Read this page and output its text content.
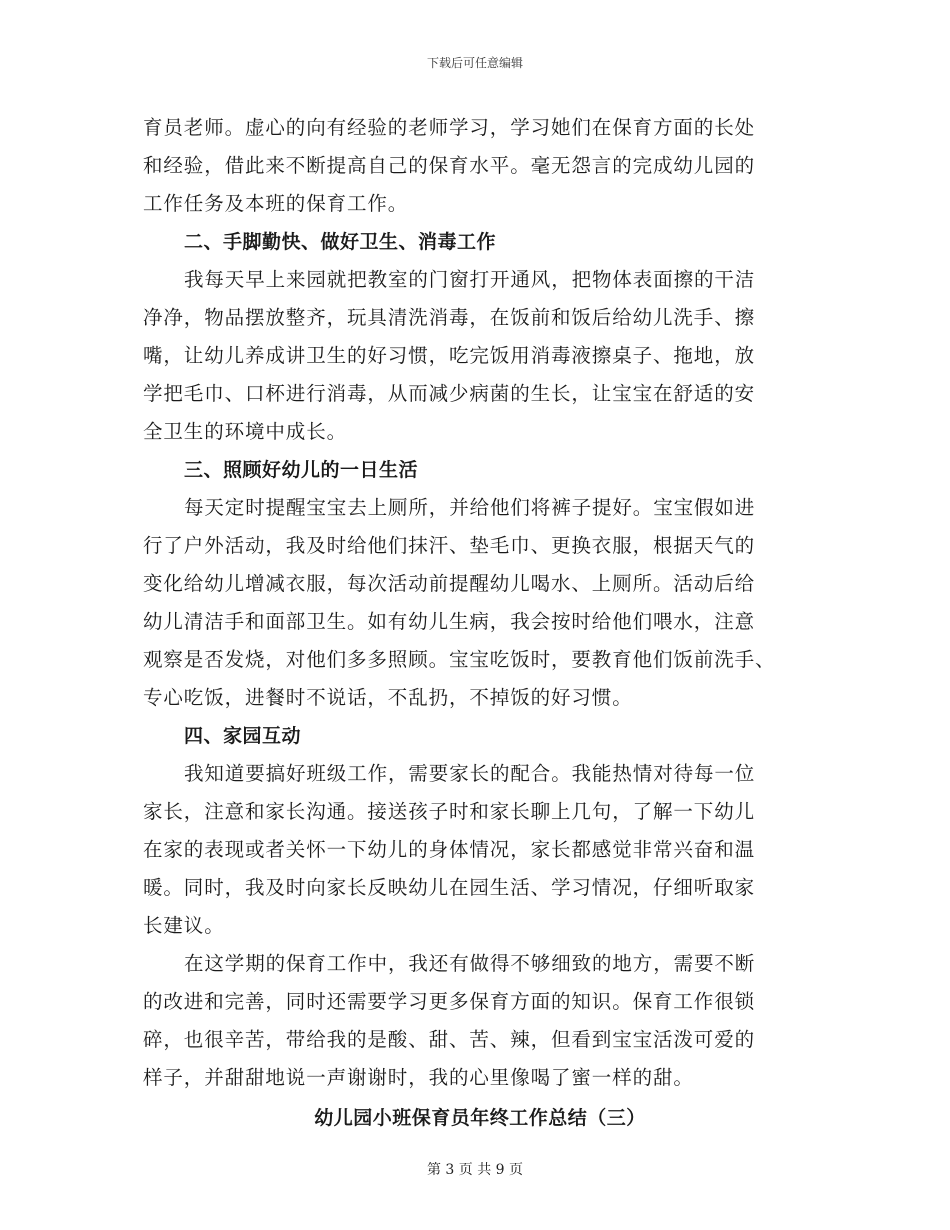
下载后可任意编辑
育员老师。虚心的向有经验的老师学习，学习她们在保育方面的长处
和经验，借此来不断提高自己的保育水平。毫无怨言的完成幼儿园的
工作任务及本班的保育工作。
二、手脚勤快、做好卫生、消毒工作
我每天早上来园就把教室的门窗打开通风，把物体表面擦的干洁
净净，物品摆放整齐，玩具清洗消毒，在饭前和饭后给幼儿洗手、擦
嘴，让幼儿养成讲卫生的好习惯，吃完饭用消毒液擦桌子、拖地，放
学把毛巾、口杯进行消毒，从而减少病菌的生长，让宝宝在舒适的安
全卫生的环境中成长。
三、照顾好幼儿的一日生活
每天定时提醒宝宝去上厕所，并给他们将裤子提好。宝宝假如进
行了户外活动，我及时给他们抹汗、垫毛巾、更换衣服，根据天气的
变化给幼儿增减衣服，每次活动前提醒幼儿喝水、上厕所。活动后给
幼儿清洁手和面部卫生。如有幼儿生病，我会按时给他们喂水，注意
观察是否发烧，对他们多多照顾。宝宝吃饭时，要教育他们饭前洗手、
专心吃饭，进餐时不说话，不乱扔，不掉饭的好习惯。
四、家园互动
我知道要搞好班级工作，需要家长的配合。我能热情对待每一位
家长，注意和家长沟通。接送孩子时和家长聊上几句，了解一下幼儿
在家的表现或者关怀一下幼儿的身体情况，家长都感觉非常兴奋和温
暖。同时，我及时向家长反映幼儿在园生活、学习情况，仔细听取家
长建议。
在这学期的保育工作中，我还有做得不够细致的地方，需要不断
的改进和完善，同时还需要学习更多保育方面的知识。保育工作很锁
碎，也很辛苦，带给我的是酸、甜、苦、辣，但看到宝宝活泼可爱的
样子，并甜甜地说一声谢谢时，我的心里像喝了蜜一样的甜。
幼儿园小班保育员年终工作总结（三）
第 3 页 共 9 页
